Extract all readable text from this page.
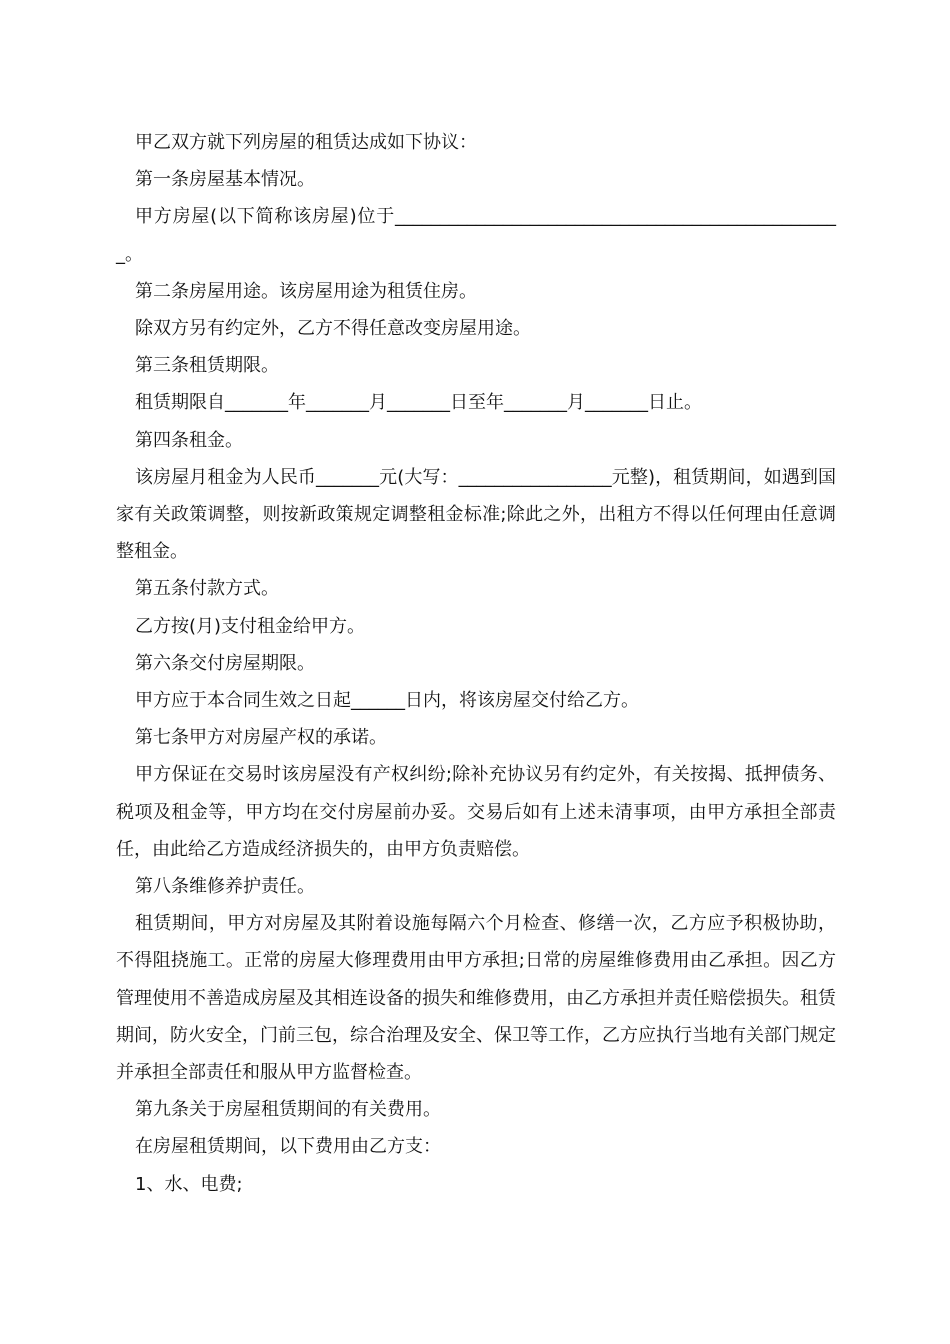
甲乙双方就下列房屋的租赁达成如下协议：

第一条房屋基本情况。

甲方房屋(以下简称该房屋)位于__________________________________________________。

第二条房屋用途。该房屋用途为租赁住房。

除双方另有约定外，乙方不得任意改变房屋用途。

第三条租赁期限。

租赁期限自_______年_______月_______日至年_______月_______日止。

第四条租金。

该房屋月租金为人民币_______元(大写：_________________元整)，租赁期间，如遇到国家有关政策调整，则按新政策规定调整租金标准;除此之外，出租方不得以任何理由任意调整租金。

第五条付款方式。

乙方按(月)支付租金给甲方。

第六条交付房屋期限。

甲方应于本合同生效之日起______日内，将该房屋交付给乙方。

第七条甲方对房屋产权的承诺。

甲方保证在交易时该房屋没有产权纠纷;除补充协议另有约定外，有关按揭、抵押债务、税项及租金等，甲方均在交付房屋前办妥。交易后如有上述未清事项，由甲方承担全部责任，由此给乙方造成经济损失的，由甲方负责赔偿。

第八条维修养护责任。

租赁期间，甲方对房屋及其附着设施每隔六个月检查、修缮一次，乙方应予积极协助，不得阻挠施工。正常的房屋大修理费用由甲方承担;日常的房屋维修费用由乙承担。因乙方管理使用不善造成房屋及其相连设备的损失和维修费用，由乙方承担并责任赔偿损失。租赁期间，防火安全，门前三包，综合治理及安全、保卫等工作，乙方应执行当地有关部门规定并承担全部责任和服从甲方监督检查。

第九条关于房屋租赁期间的有关费用。

在房屋租赁期间，以下费用由乙方支：

1、水、电费;
